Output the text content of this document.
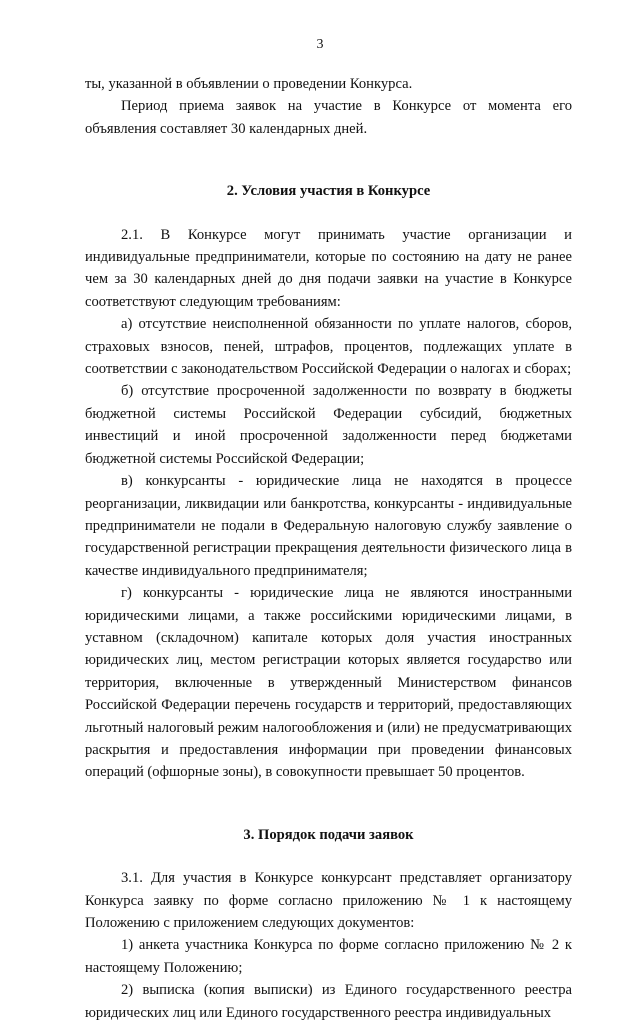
3

ты, указанной в объявлении о проведении Конкурса.

Период приема заявок на участие в Конкурсе от момента его объявления составляет 30 календарных дней.

2. Условия участия в Конкурсе

2.1. В Конкурсе могут принимать участие организации и индивидуальные предприниматели, которые по состоянию на дату не ранее чем за 30 календарных дней до дня подачи заявки на участие в Конкурсе соответствуют следующим требованиям:

а) отсутствие неисполненной обязанности по уплате налогов, сборов, страховых взносов, пеней, штрафов, процентов, подлежащих уплате в соответствии с законодательством Российской Федерации о налогах и сборах;

б) отсутствие просроченной задолженности по возврату в бюджеты бюджетной системы Российской Федерации субсидий, бюджетных инвестиций и иной просроченной задолженности перед бюджетами бюджетной системы Российской Федерации;

в) конкурсанты - юридические лица не находятся в процессе реорганизации, ликвидации или банкротства, конкурсанты - индивидуальные предприниматели не подали в Федеральную налоговую службу заявление о государственной регистрации прекращения деятельности физического лица в качестве индивидуального предпринимателя;

г) конкурсанты - юридические лица не являются иностранными юридическими лицами, а также российскими юридическими лицами, в уставном (складочном) капитале которых доля участия иностранных юридических лиц, местом регистрации которых является государство или территория, включенные в утвержденный Министерством финансов Российской Федерации перечень государств и территорий, предоставляющих льготный налоговый режим налогообложения и (или) не предусматривающих раскрытия и предоставления информации при проведении финансовых операций (офшорные зоны), в совокупности превышает 50 процентов.

3. Порядок подачи заявок

3.1. Для участия в Конкурсе конкурсант представляет организатору Конкурса заявку по форме согласно приложению № 1 к настоящему Положению с приложением следующих документов:

1) анкета участника Конкурса по форме согласно приложению № 2 к настоящему Положению;

2) выписка (копия выписки) из Единого государственного реестра юридических лиц или Единого государственного реестра индивидуальных
